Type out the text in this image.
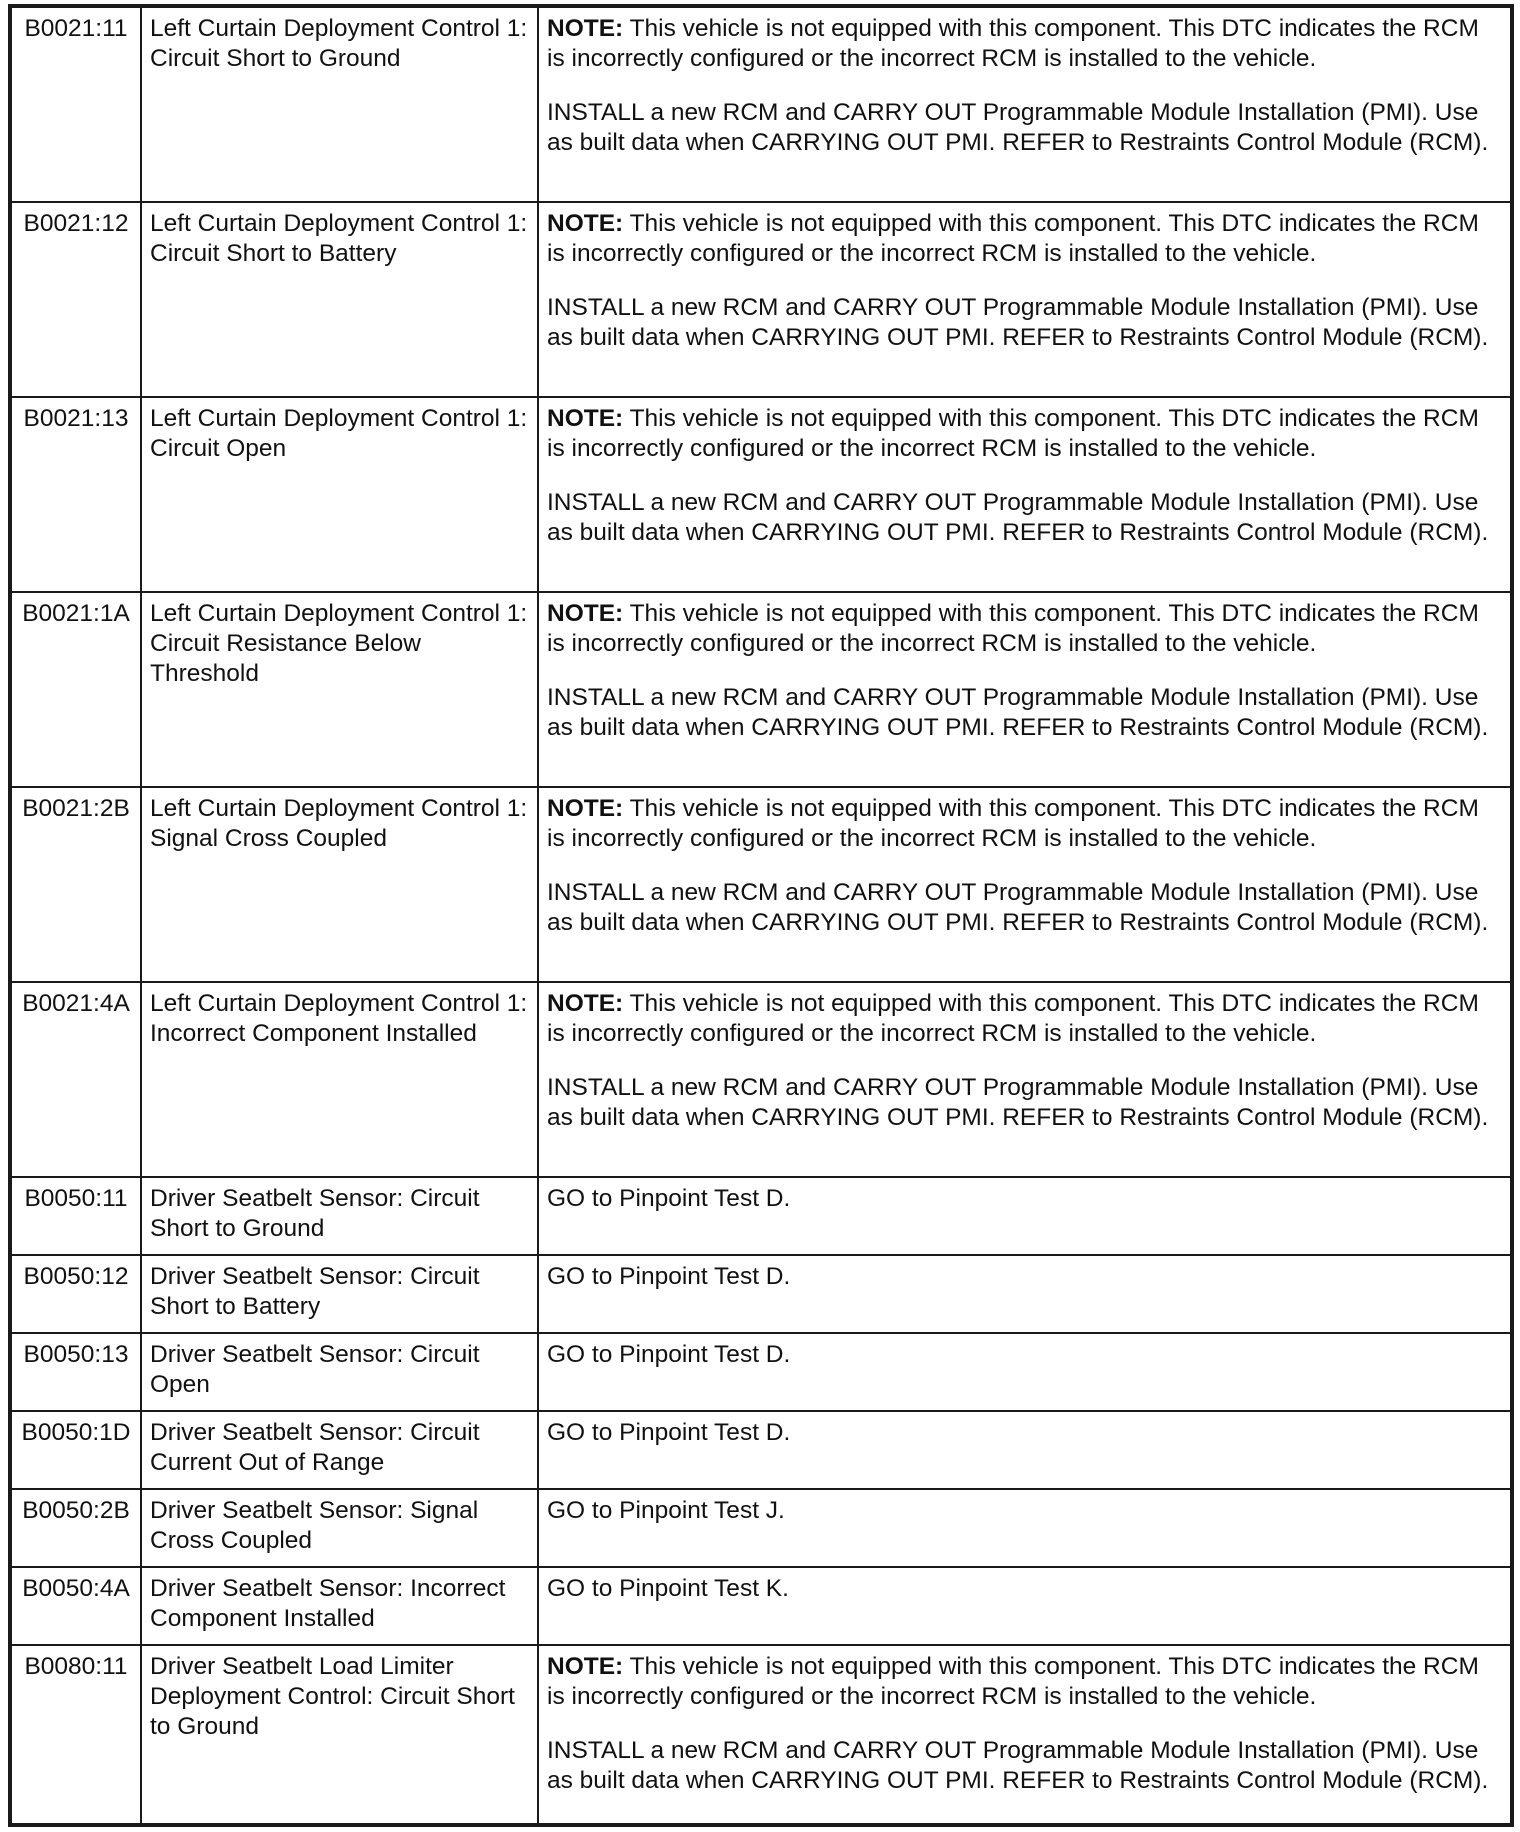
B0021:11	Left Curtain Deployment Control 1: Circuit Short to Ground	NOTE: This vehicle is not equipped with this component. This DTC indicates the RCM is incorrectly configured or the incorrect RCM is installed to the vehicle.
INSTALL a new RCM and CARRY OUT Programmable Module Installation (PMI). Use as built data when CARRYING OUT PMI. REFER to Restraints Control Module (RCM).

B0021:12	Left Curtain Deployment Control 1: Circuit Short to Battery	NOTE: This vehicle is not equipped with this component. This DTC indicates the RCM is incorrectly configured or the incorrect RCM is installed to the vehicle.
INSTALL a new RCM and CARRY OUT Programmable Module Installation (PMI). Use as built data when CARRYING OUT PMI. REFER to Restraints Control Module (RCM).

B0021:13	Left Curtain Deployment Control 1: Circuit Open	NOTE: This vehicle is not equipped with this component. This DTC indicates the RCM is incorrectly configured or the incorrect RCM is installed to the vehicle.
INSTALL a new RCM and CARRY OUT Programmable Module Installation (PMI). Use as built data when CARRYING OUT PMI. REFER to Restraints Control Module (RCM).

B0021:1A	Left Curtain Deployment Control 1: Circuit Resistance Below Threshold	NOTE: This vehicle is not equipped with this component. This DTC indicates the RCM is incorrectly configured or the incorrect RCM is installed to the vehicle.
INSTALL a new RCM and CARRY OUT Programmable Module Installation (PMI). Use as built data when CARRYING OUT PMI. REFER to Restraints Control Module (RCM).

B0021:2B	Left Curtain Deployment Control 1: Signal Cross Coupled	NOTE: This vehicle is not equipped with this component. This DTC indicates the RCM is incorrectly configured or the incorrect RCM is installed to the vehicle.
INSTALL a new RCM and CARRY OUT Programmable Module Installation (PMI). Use as built data when CARRYING OUT PMI. REFER to Restraints Control Module (RCM).

B0021:4A	Left Curtain Deployment Control 1: Incorrect Component Installed	NOTE: This vehicle is not equipped with this component. This DTC indicates the RCM is incorrectly configured or the incorrect RCM is installed to the vehicle.
INSTALL a new RCM and CARRY OUT Programmable Module Installation (PMI). Use as built data when CARRYING OUT PMI. REFER to Restraints Control Module (RCM).

B0050:11	Driver Seatbelt Sensor: Circuit Short to Ground	GO to Pinpoint Test D.
B0050:12	Driver Seatbelt Sensor: Circuit Short to Battery	GO to Pinpoint Test D.
B0050:13	Driver Seatbelt Sensor: Circuit Open	GO to Pinpoint Test D.
B0050:1D	Driver Seatbelt Sensor: Circuit Current Out of Range	GO to Pinpoint Test D.
B0050:2B	Driver Seatbelt Sensor: Signal Cross Coupled	GO to Pinpoint Test J.
B0050:4A	Driver Seatbelt Sensor: Incorrect Component Installed	GO to Pinpoint Test K.
B0080:11	Driver Seatbelt Load Limiter Deployment Control: Circuit Short to Ground	NOTE: This vehicle is not equipped with this component. This DTC indicates the RCM is incorrectly configured or the incorrect RCM is installed to the vehicle.
INSTALL a new RCM and CARRY OUT Programmable Module Installation (PMI). Use as built data when CARRYING OUT PMI. REFER to Restraints Control Module (RCM).
